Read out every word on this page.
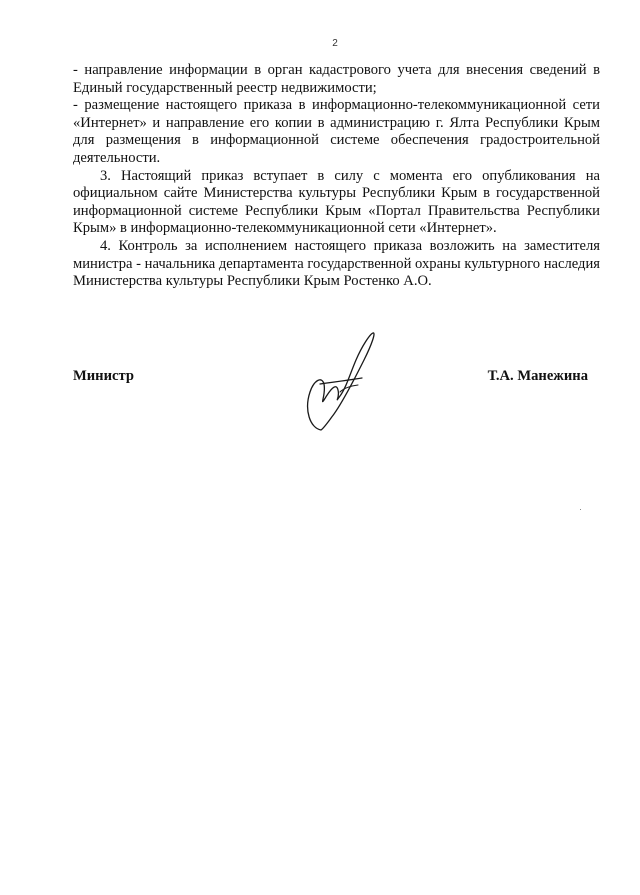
2

- направление информации в орган кадастрового учета для внесения сведений в Единый государственный реестр недвижимости;

- размещение настоящего приказа в информационно-телекоммуникационной сети «Интернет» и направление его копии в администрацию г. Ялта Республики Крым для размещения в информационной системе обеспечения градостроительной деятельности.

3. Настоящий приказ вступает в силу с момента его опубликования на официальном сайте Министерства культуры Республики Крым в государственной информационной системе Республики Крым «Портал Правительства Республики Крым» в информационно-телекоммуникационной сети «Интернет».

4. Контроль за исполнением настоящего приказа возложить на заместителя министра - начальника департамента государственной охраны культурного наследия Министерства культуры Республики Крым Ростенко А.О.

Министр	Т.А. Манежина
